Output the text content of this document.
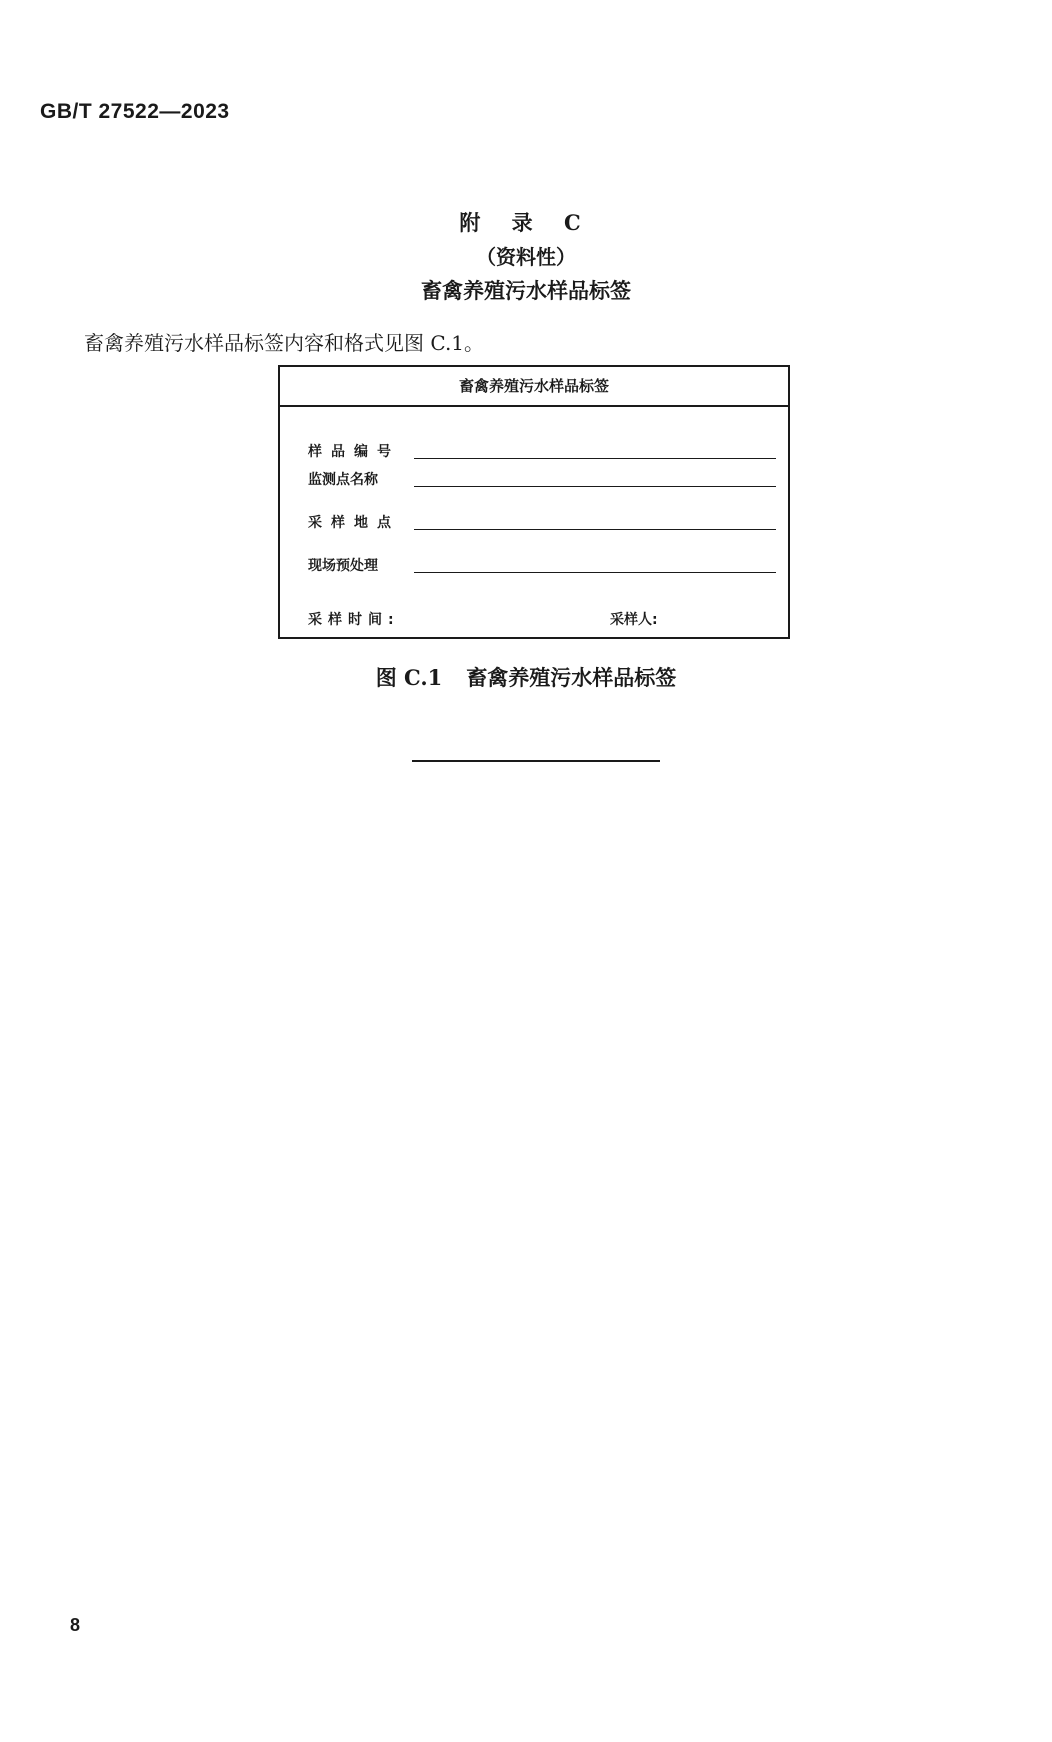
GB/T 27522—2023
附 录 C
（资料性）
畜禽养殖污水样品标签
畜禽养殖污水样品标签内容和格式见图 C.1。
畜禽养殖污水样品标签
样品编号
监测点名称
采样地点
现场预处理
采样时间:	采样人:
图 C.1 畜禽养殖污水样品标签
8
